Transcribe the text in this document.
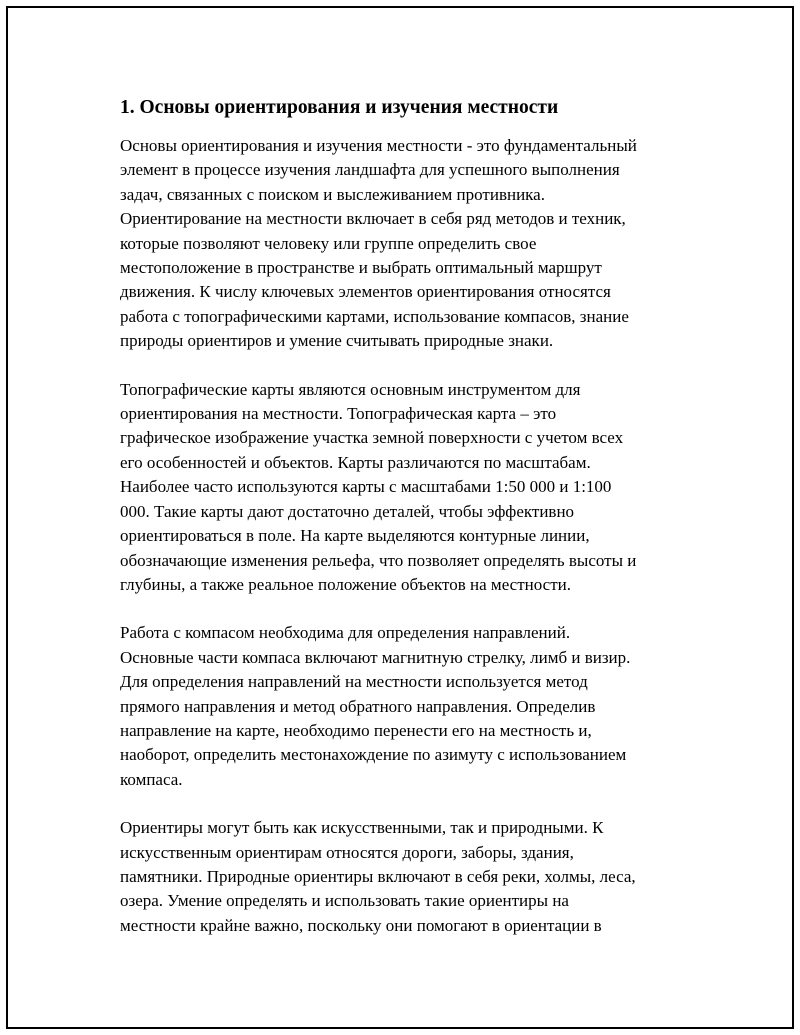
1. Основы ориентирования и изучения местности

Основы ориентирования и изучения местности - это фундаментальный
элемент в процессе изучения ландшафта для успешного выполнения
задач, связанных с поиском и выслеживанием противника.
Ориентирование на местности включает в себя ряд методов и техник,
которые позволяют человеку или группе определить свое
местоположение в пространстве и выбрать оптимальный маршрут
движения. К числу ключевых элементов ориентирования относятся
работа с топографическими картами, использование компасов, знание
природы ориентиров и умение считывать природные знаки.

Топографические карты являются основным инструментом для
ориентирования на местности. Топографическая карта – это
графическое изображение участка земной поверхности с учетом всех
его особенностей и объектов. Карты различаются по масштабам.
Наиболее часто используются карты с масштабами 1:50 000 и 1:100
000. Такие карты дают достаточно деталей, чтобы эффективно
ориентироваться в поле. На карте выделяются контурные линии,
обозначающие изменения рельефа, что позволяет определять высоты и
глубины, а также реальное положение объектов на местности.

Работа с компасом необходима для определения направлений.
Основные части компаса включают магнитную стрелку, лимб и визир.
Для определения направлений на местности используется метод
прямого направления и метод обратного направления. Определив
направление на карте, необходимо перенести его на местность и,
наоборот, определить местонахождение по азимуту с использованием
компаса.

Ориентиры могут быть как искусственными, так и природными. К
искусственным ориентирам относятся дороги, заборы, здания,
памятники. Природные ориентиры включают в себя реки, холмы, леса,
озера. Умение определять и использовать такие ориентиры на
местности крайне важно, поскольку они помогают в ориентации в
